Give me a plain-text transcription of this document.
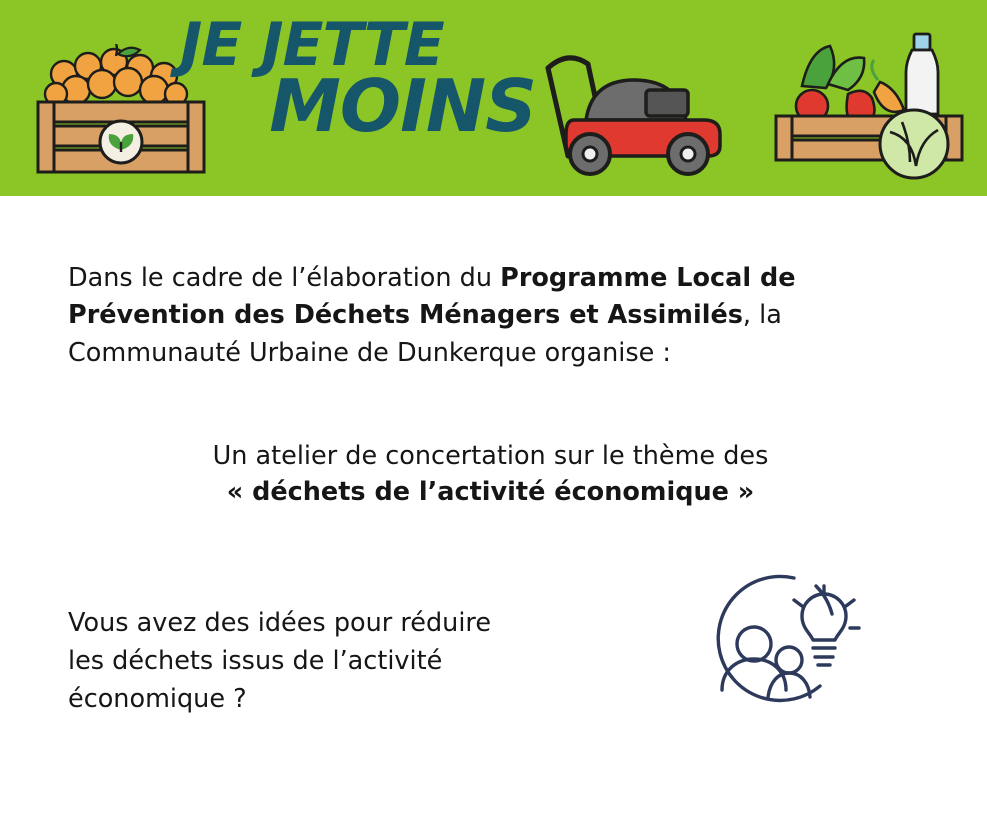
JE JETTE
MOINS

Dans le cadre de l’élaboration du Programme Local de Prévention des Déchets Ménagers et Assimilés, la Communauté Urbaine de Dunkerque organise :

Un atelier de concertation sur le thème des
« déchets de l’activité économique »

Vous avez des idées pour réduire
les déchets issus de l’activité
économique ?
